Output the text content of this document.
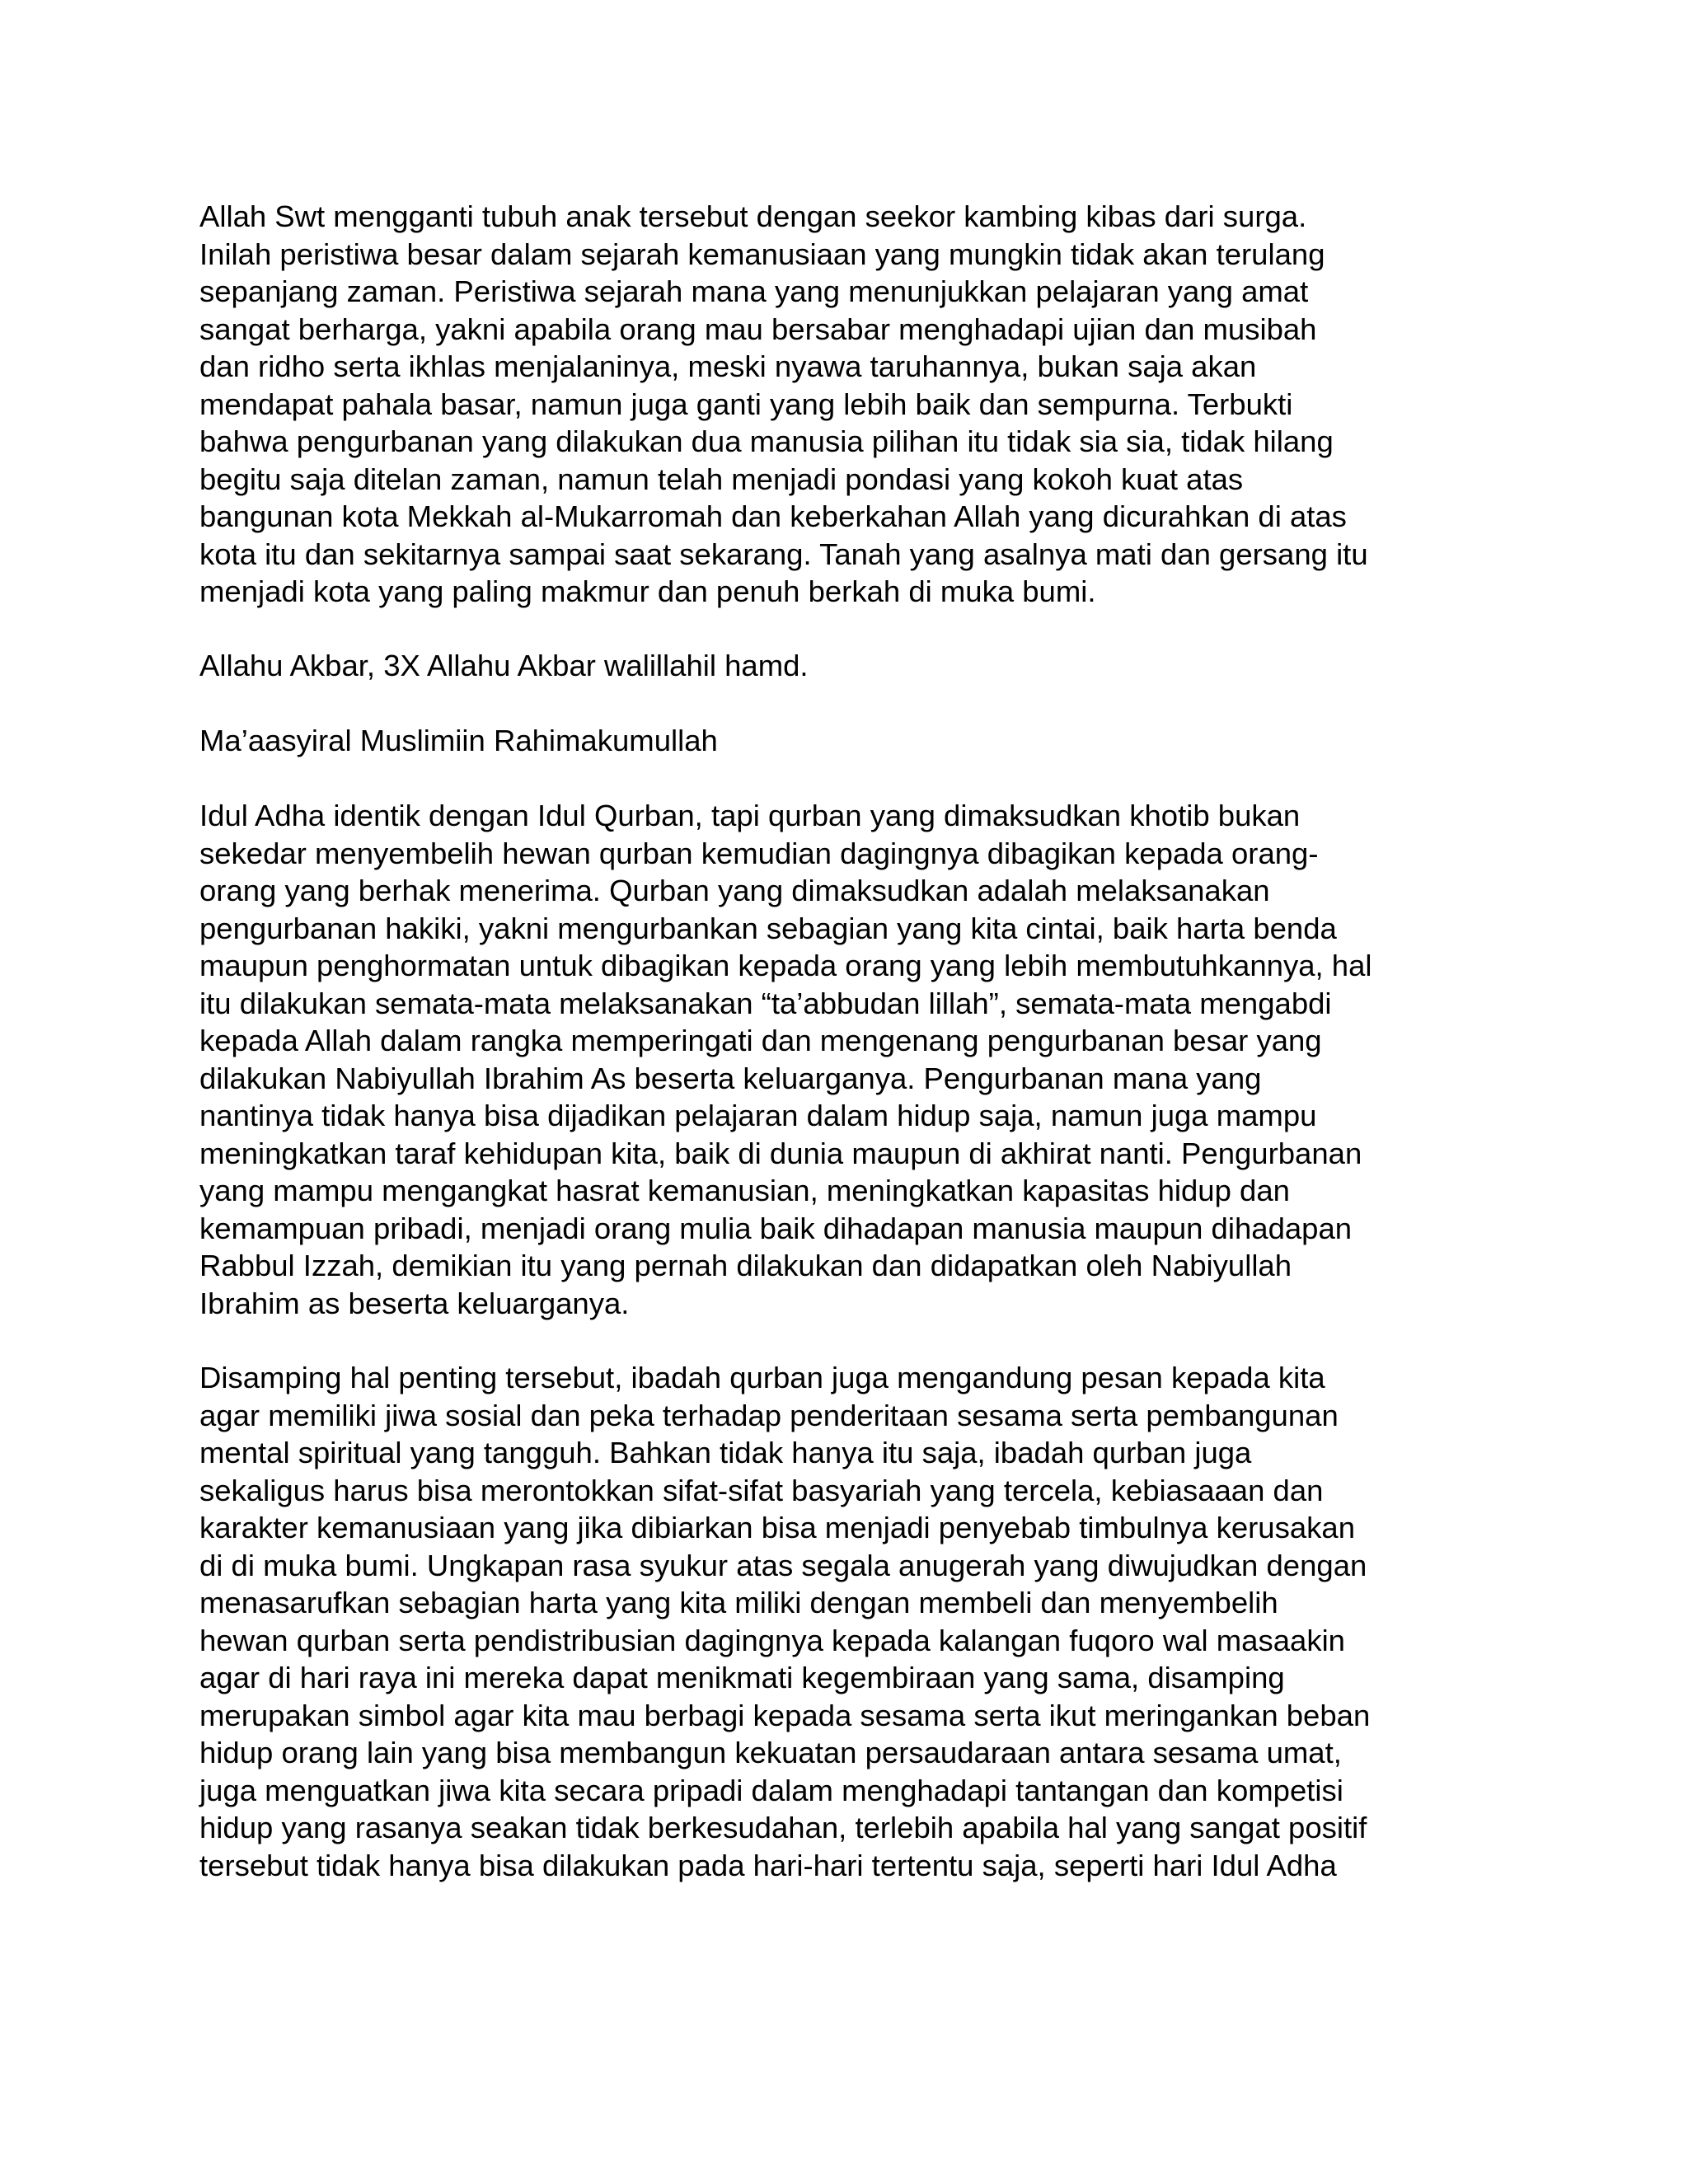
Allah Swt mengganti tubuh anak tersebut dengan seekor kambing kibas dari surga.
Inilah peristiwa besar dalam sejarah kemanusiaan yang mungkin tidak akan terulang
sepanjang zaman. Peristiwa sejarah mana yang menunjukkan pelajaran yang amat
sangat berharga, yakni apabila orang mau bersabar menghadapi ujian dan musibah
dan ridho serta ikhlas menjalaninya, meski nyawa taruhannya, bukan saja akan
mendapat pahala basar, namun juga ganti yang lebih baik dan sempurna. Terbukti
bahwa pengurbanan yang dilakukan dua manusia pilihan itu tidak sia sia, tidak hilang
begitu saja ditelan zaman, namun telah menjadi pondasi yang kokoh kuat atas
bangunan kota Mekkah al-Mukarromah dan keberkahan Allah yang dicurahkan di atas
kota itu dan sekitarnya sampai saat sekarang. Tanah yang asalnya mati dan gersang itu
menjadi kota yang paling makmur dan penuh berkah di muka bumi.
Allahu Akbar, 3X Allahu Akbar walillahil hamd.
Ma’aasyiral Muslimiin Rahimakumullah
Idul Adha identik dengan Idul Qurban, tapi qurban yang dimaksudkan khotib bukan
sekedar menyembelih hewan qurban kemudian dagingnya dibagikan kepada orang-
orang yang berhak menerima. Qurban yang dimaksudkan adalah melaksanakan
pengurbanan hakiki, yakni mengurbankan sebagian yang kita cintai, baik harta benda
maupun penghormatan untuk dibagikan kepada orang yang lebih membutuhkannya, hal
itu dilakukan semata-mata melaksanakan “ta’abbudan lillah”, semata-mata mengabdi
kepada Allah dalam rangka memperingati dan mengenang pengurbanan besar yang
dilakukan Nabiyullah Ibrahim As beserta keluarganya. Pengurbanan mana yang
nantinya tidak hanya bisa dijadikan pelajaran dalam hidup saja, namun juga mampu
meningkatkan taraf kehidupan kita, baik di dunia maupun di akhirat nanti. Pengurbanan
yang mampu mengangkat hasrat kemanusian, meningkatkan kapasitas hidup dan
kemampuan pribadi, menjadi orang mulia baik dihadapan manusia maupun dihadapan
Rabbul Izzah, demikian itu yang pernah dilakukan dan didapatkan oleh Nabiyullah
Ibrahim as beserta keluarganya.
Disamping hal penting tersebut, ibadah qurban juga mengandung pesan kepada kita
agar memiliki jiwa sosial dan peka terhadap penderitaan sesama serta pembangunan
mental spiritual yang tangguh. Bahkan tidak hanya itu saja, ibadah qurban juga
sekaligus harus bisa merontokkan sifat-sifat basyariah yang tercela, kebiasaaan dan
karakter kemanusiaan yang jika dibiarkan bisa menjadi penyebab timbulnya kerusakan
di di muka bumi. Ungkapan rasa syukur atas segala anugerah yang diwujudkan dengan
menasarufkan sebagian harta yang kita miliki dengan membeli dan menyembelih
hewan qurban serta pendistribusian dagingnya kepada kalangan fuqoro wal masaakin
agar di hari raya ini mereka dapat menikmati kegembiraan yang sama, disamping
merupakan simbol agar kita mau berbagi kepada sesama serta ikut meringankan beban
hidup orang lain yang bisa membangun kekuatan persaudaraan antara sesama umat,
juga menguatkan jiwa kita secara pripadi dalam menghadapi tantangan dan kompetisi
hidup yang rasanya seakan tidak berkesudahan, terlebih apabila hal yang sangat positif
tersebut tidak hanya bisa dilakukan pada hari-hari tertentu saja, seperti hari Idul Adha
